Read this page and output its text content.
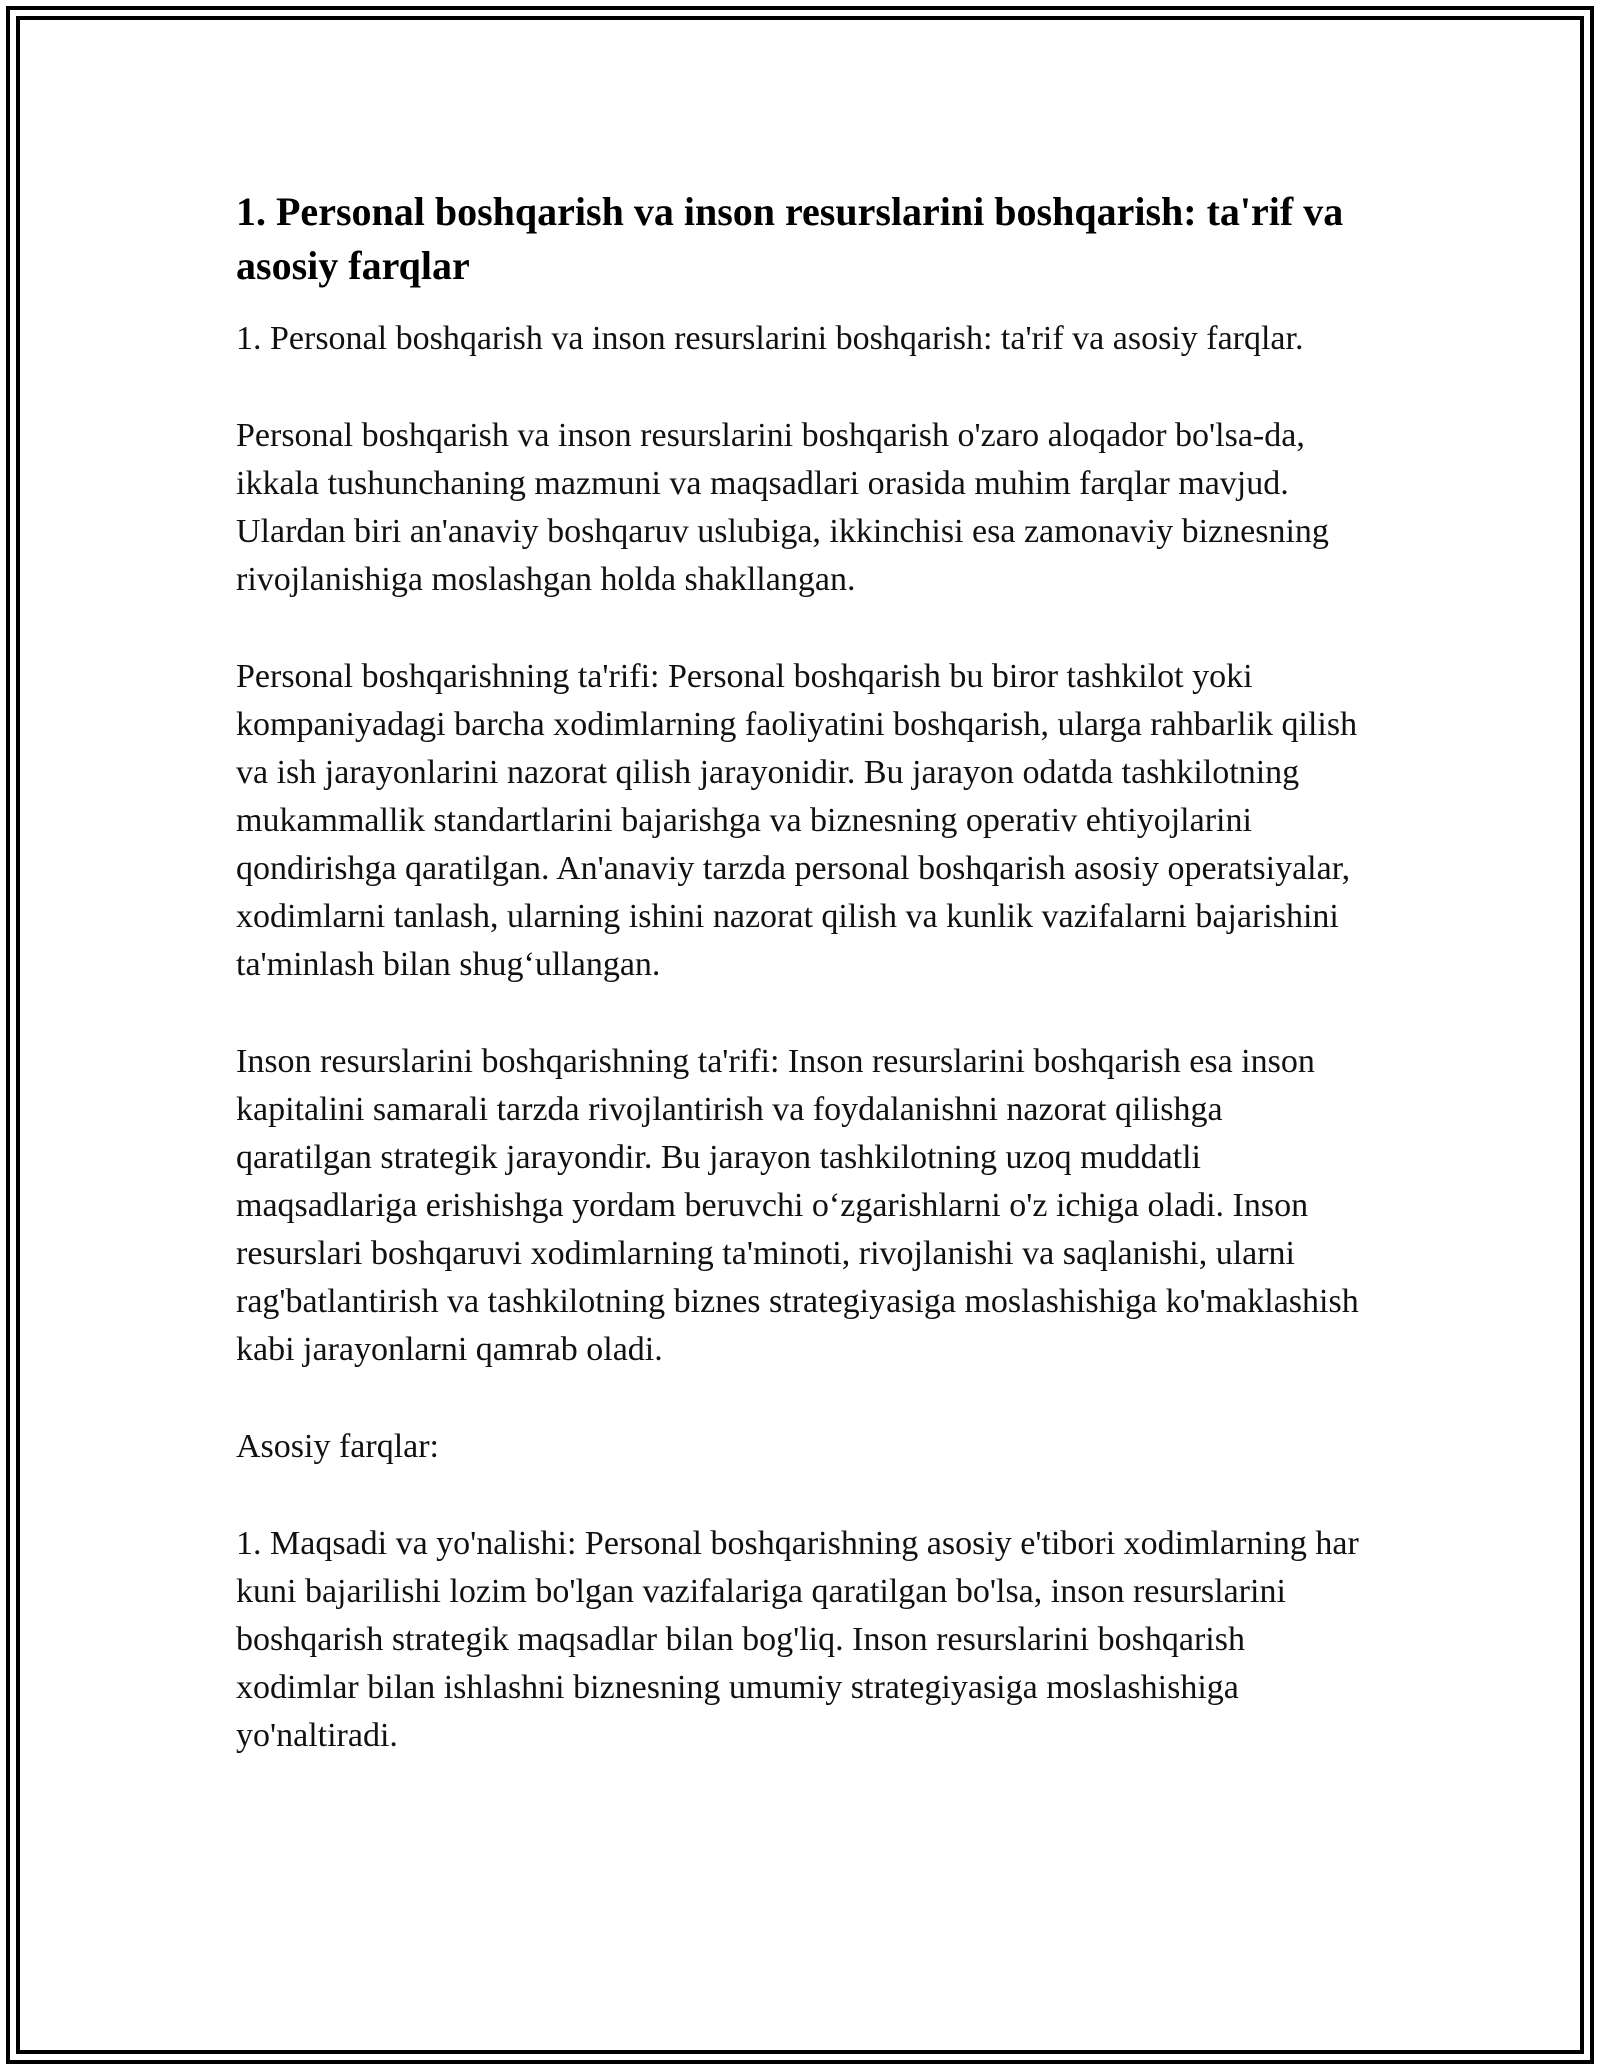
1. Personal boshqarish va inson resurslarini boshqarish: ta'rif va asosiy farqlar

1. Personal boshqarish va inson resurslarini boshqarish: ta'rif va asosiy farqlar.

Personal boshqarish va inson resurslarini boshqarish o'zaro aloqador bo'lsa-da, ikkala tushunchaning mazmuni va maqsadlari orasida muhim farqlar mavjud. Ulardan biri an'anaviy boshqaruv uslubiga, ikkinchisi esa zamonaviy biznesning rivojlanishiga moslashgan holda shakllangan.

Personal boshqarishning ta'rifi: Personal boshqarish bu biror tashkilot yoki kompaniyadagi barcha xodimlarning faoliyatini boshqarish, ularga rahbarlik qilish va ish jarayonlarini nazorat qilish jarayonidir. Bu jarayon odatda tashkilotning mukammallik standartlarini bajarishga va biznesning operativ ehtiyojlarini qondirishga qaratilgan. An'anaviy tarzda personal boshqarish asosiy operatsiyalar, xodimlarni tanlash, ularning ishini nazorat qilish va kunlik vazifalarni bajarishini ta'minlash bilan shug‘ullangan.

Inson resurslarini boshqarishning ta'rifi: Inson resurslarini boshqarish esa inson kapitalini samarali tarzda rivojlantirish va foydalanishni nazorat qilishga qaratilgan strategik jarayondir. Bu jarayon tashkilotning uzoq muddatli maqsadlariga erishishga yordam beruvchi o‘zgarishlarni o'z ichiga oladi. Inson resurslari boshqaruvi xodimlarning ta'minoti, rivojlanishi va saqlanishi, ularni rag'batlantirish va tashkilotning biznes strategiyasiga moslashishiga ko'maklashish kabi jarayonlarni qamrab oladi.

Asosiy farqlar:

1. Maqsadi va yo'nalishi: Personal boshqarishning asosiy e'tibori xodimlarning har kuni bajarilishi lozim bo'lgan vazifalariga qaratilgan bo'lsa, inson resurslarini boshqarish strategik maqsadlar bilan bog'liq. Inson resurslarini boshqarish xodimlar bilan ishlashni biznesning umumiy strategiyasiga moslashishiga yo'naltiradi.
